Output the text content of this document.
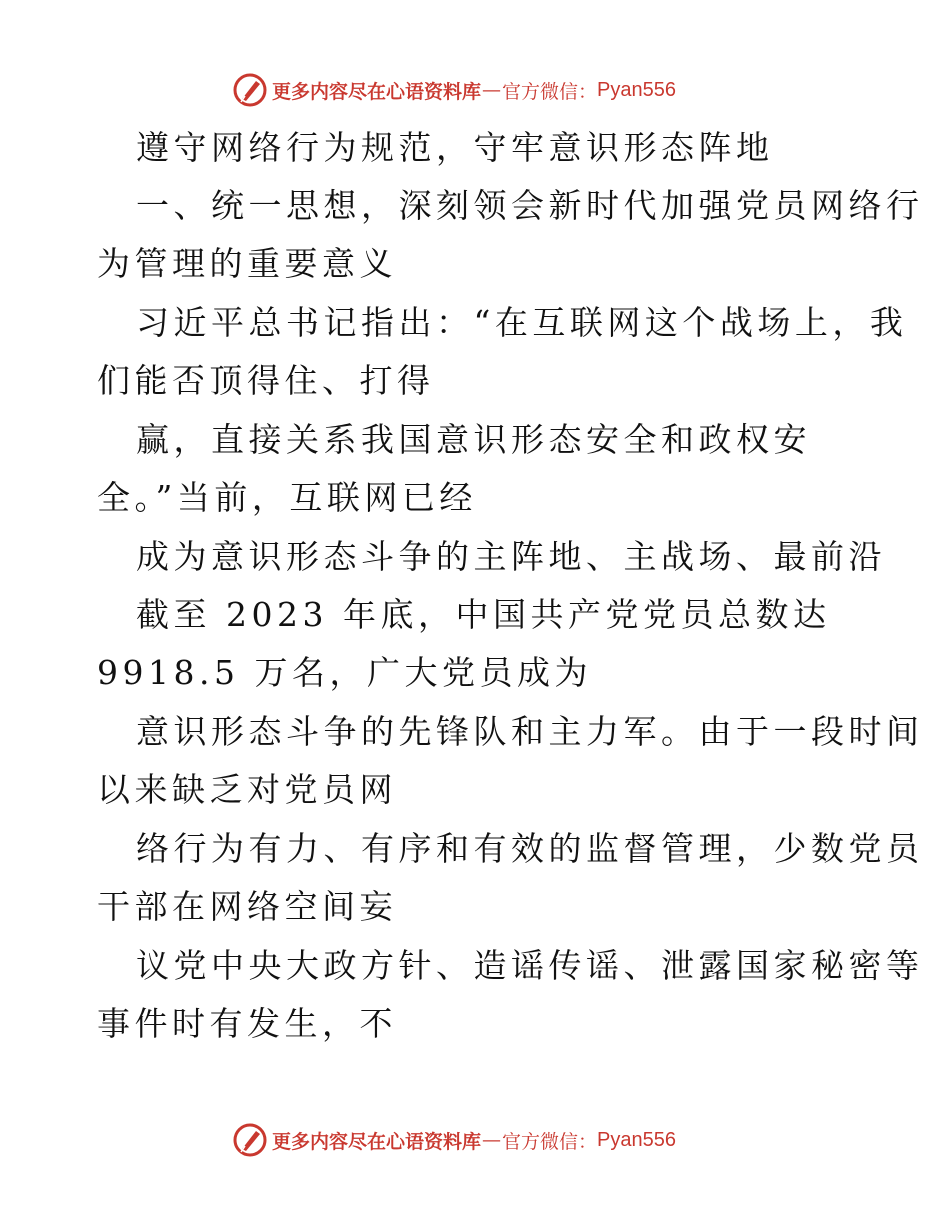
更多内容尽在心语资料库 — 官方微信： Pyan556
遵守网络行为规范，守牢意识形态阵地
一、统一思想，深刻领会新时代加强党员网络行
为管理的重要意义
习近平总书记指出：“在互联网这个战场上，我
们能否顶得住、打得
赢，直接关系我国意识形态安全和政权安
全。”当前，互联网已经
成为意识形态斗争的主阵地、主战场、最前沿
截至 2023 年底，中国共产党党员总数达
9918.5 万名，广大党员成为
意识形态斗争的先锋队和主力军。由于一段时间
以来缺乏对党员网
络行为有力、有序和有效的监督管理，少数党员
干部在网络空间妄
议党中央大政方针、造谣传谣、泄露国家秘密等
事件时有发生，不
更多内容尽在心语资料库 — 官方微信： Pyan556
